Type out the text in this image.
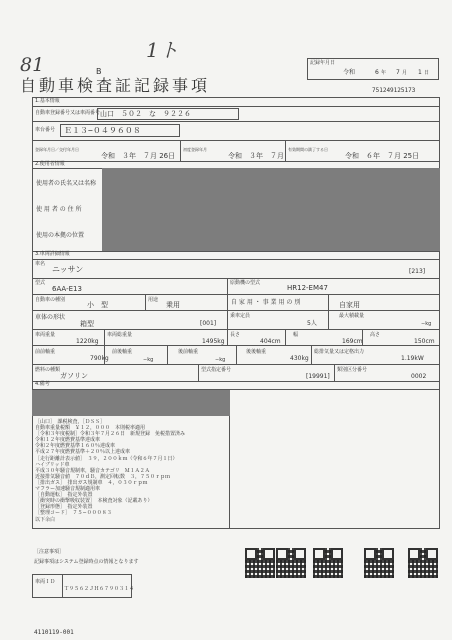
81
1ト
B
記録年月日
令和	6 年 7 月 1 日
自動車検査証記録事項	751249125173
1.基本情報
自動車登録番号又は車両番号 山口　５０２　な　９２２６
車台番号 Ｅ１３−０４９６０８
登録年月日／交付年月日
令和　３年　７月 26日
初度登録年月
令和　３年　７月
有効期間の満了する日
令和　６年　７月 25日
2.使用者情報
使用者の氏名又は名称
使 用 者 の 住 所
使用の本拠の位置
3.車両詳細情報
車名
ニッサン	[213]
型式
6AA-E13
原動機の型式
HR12-EM47
自動車の種別
小　型
用途
乗用	自 家 用 ・ 事 業 用 の 別	自家用
車体の形状
箱型	[001]
乗車定員
5人
最大積載量
−kg
車両重量
1220kg
車両総重量
1495kg
長さ
404cm
幅
169cm
高さ
150cm
前前軸重
790kg
前後軸重
−kg
後前軸重
−kg
後後軸重
430kg
総排気量又は定格出力
1.19kW
燃料の種類
ガソリン
型式指定番号
[19991]
類別区分番号
0002
4.備考
［山口］　課税検査，［ＤＳＳ］
自動車重量税額　￥１２，０００　本則税率適用
［令和３年度税制］令和３年７月２６日　新規登録　免税措置済み
令和１２年度燃費基準達成車
令和２年度燃費基準１６０％達成車
平成２７年度燃費基準＋２０％以上達成車
［走行距離計表示値］　３９，２００ｋｍ（令和６年７月１日）
ハイブリッド車
平成３０年騒音規制車，騒音カテゴリ　Ｍ１Ａ２Ａ
近接排気騒音値　７０ｄＢ，測定回転数　３，７５０ｒｐｍ
［排出ガス］　排出ガス規制車　４，０３０ｒｐｍ
マフラー加速騒音規制適用車
［自動運転］　指定外装置
［衝突時の衝撃吸収装置］　本検査対象（記載あり）
［登録形態］　指定外装置
［整理コード］　７５−０００８３
以下余白
［注意事項］
記録事項はシステム登録時点の情報となります
車両ＩＤ
Ｔ９５６２ＪＨ６７９０３１４
4110119-001
